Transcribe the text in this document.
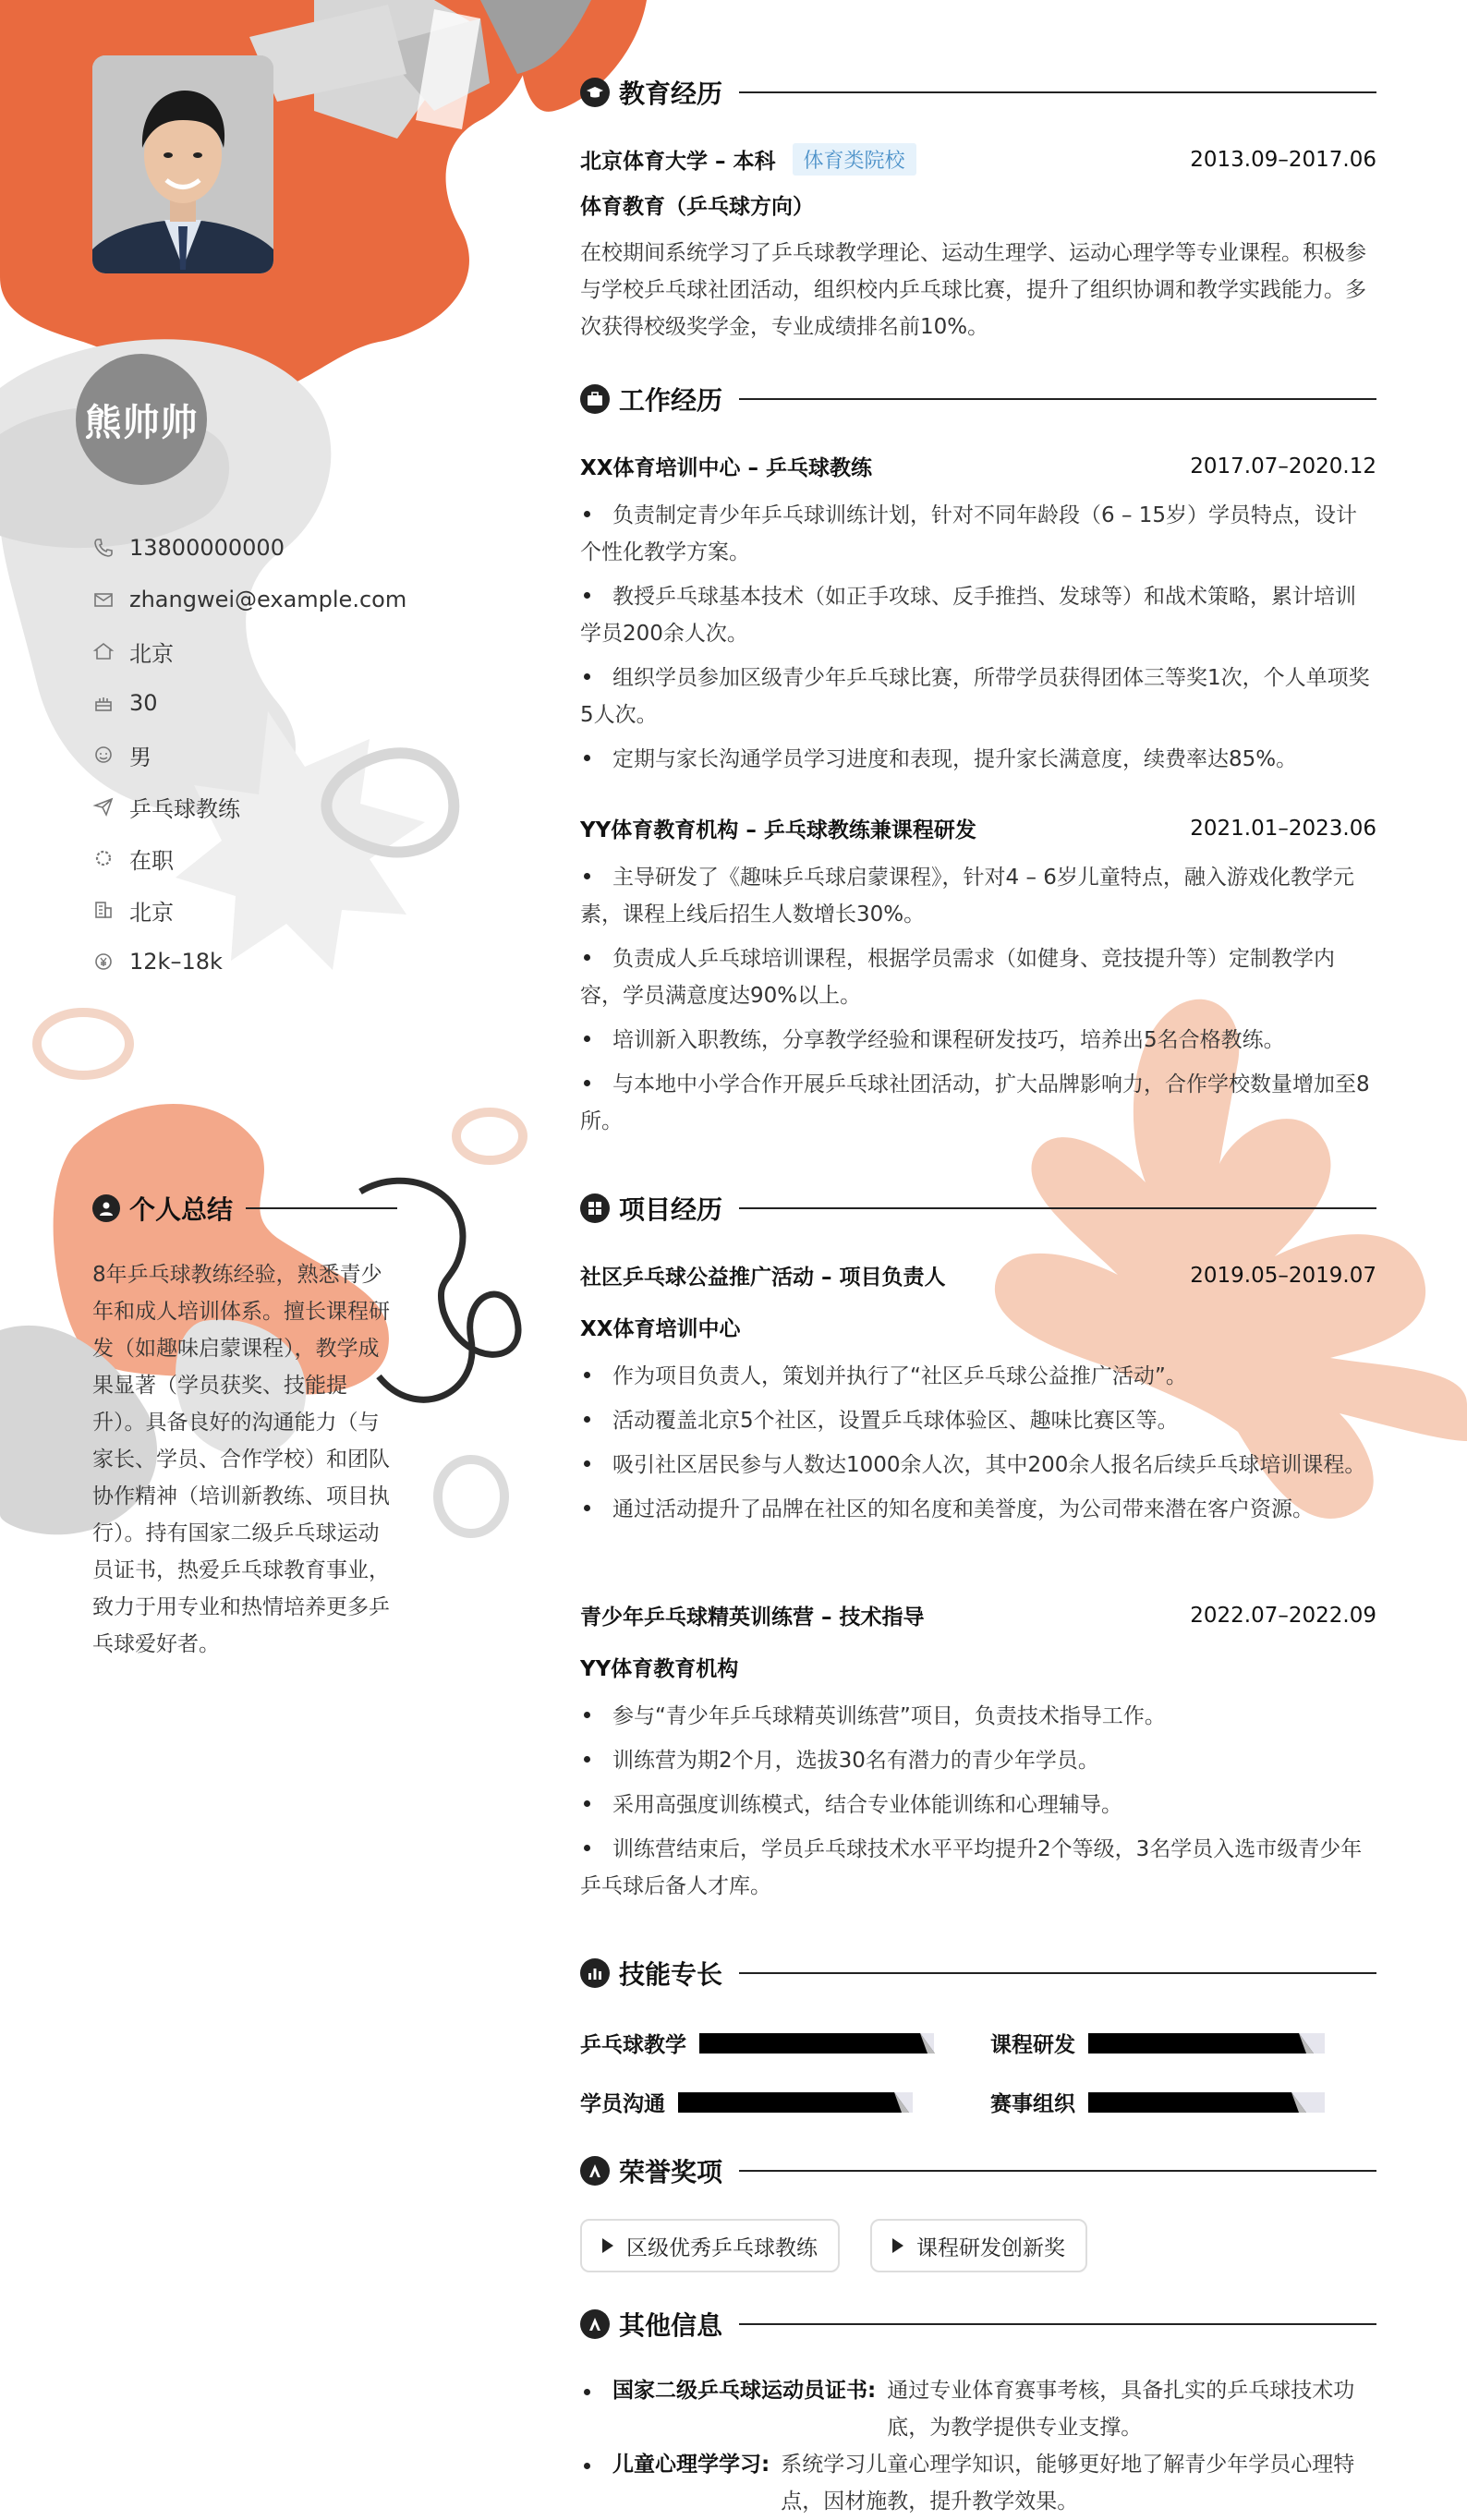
熊帅帅
13800000000
zhangwei@example.com
北京
30
男
乒乓球教练
在职
北京
12k–18k
个人总结
8年乒乓球教练经验，熟悉青少年和成人培训体系。擅长课程研发（如趣味启蒙课程），教学成果显著（学员获奖、技能提升）。具备良好的沟通能力（与家长、学员、合作学校）和团队协作精神（培训新教练、项目执行）。持有国家二级乒乓球运动员证书，热爱乒乓球教育事业，致力于用专业和热情培养更多乒乓球爱好者。
教育经历
北京体育大学 – 本科	体育类院校	2013.09–2017.06
体育教育（乒乓球方向）
在校期间系统学习了乒乓球教学理论、运动生理学、运动心理学等专业课程。积极参与学校乒乓球社团活动，组织校内乒乓球比赛，提升了组织协调和教学实践能力。多次获得校级奖学金，专业成绩排名前10%。
工作经历
XX体育培训中心 – 乒乓球教练	2017.07–2020.12
负责制定青少年乒乓球训练计划，针对不同年龄段（6 – 15岁）学员特点，设计个性化教学方案。
教授乒乓球基本技术（如正手攻球、反手推挡、发球等）和战术策略，累计培训学员200余人次。
组织学员参加区级青少年乒乓球比赛，所带学员获得团体三等奖1次，个人单项奖5人次。
定期与家长沟通学员学习进度和表现，提升家长满意度，续费率达85%。
YY体育教育机构 – 乒乓球教练兼课程研发	2021.01–2023.06
主导研发了《趣味乒乓球启蒙课程》，针对4 – 6岁儿童特点，融入游戏化教学元素，课程上线后招生人数增长30%。
负责成人乒乓球培训课程，根据学员需求（如健身、竞技提升等）定制教学内容，学员满意度达90%以上。
培训新入职教练，分享教学经验和课程研发技巧，培养出5名合格教练。
与本地中小学合作开展乒乓球社团活动，扩大品牌影响力，合作学校数量增加至8所。
项目经历
社区乒乓球公益推广活动 – 项目负责人	2019.05–2019.07
XX体育培训中心
作为项目负责人，策划并执行了“社区乒乓球公益推广活动”。
活动覆盖北京5个社区，设置乒乓球体验区、趣味比赛区等。
吸引社区居民参与人数达1000余人次，其中200余人报名后续乒乓球培训课程。
通过活动提升了品牌在社区的知名度和美誉度，为公司带来潜在客户资源。
青少年乒乓球精英训练营 – 技术指导	2022.07–2022.09
YY体育教育机构
参与“青少年乒乓球精英训练营”项目，负责技术指导工作。
训练营为期2个月，选拔30名有潜力的青少年学员。
采用高强度训练模式，结合专业体能训练和心理辅导。
训练营结束后，学员乒乓球技术水平平均提升2个等级，3名学员入选市级青少年乒乓球后备人才库。
技能专长
乒乓球教学	课程研发
学员沟通	赛事组织
荣誉奖项
区级优秀乒乓球教练	课程研发创新奖
其他信息
国家二级乒乓球运动员证书: 通过专业体育赛事考核，具备扎实的乒乓球技术功底，为教学提供专业支撑。
儿童心理学学习: 系统学习儿童心理学知识，能够更好地了解青少年学员心理特点，因材施教，提升教学效果。
